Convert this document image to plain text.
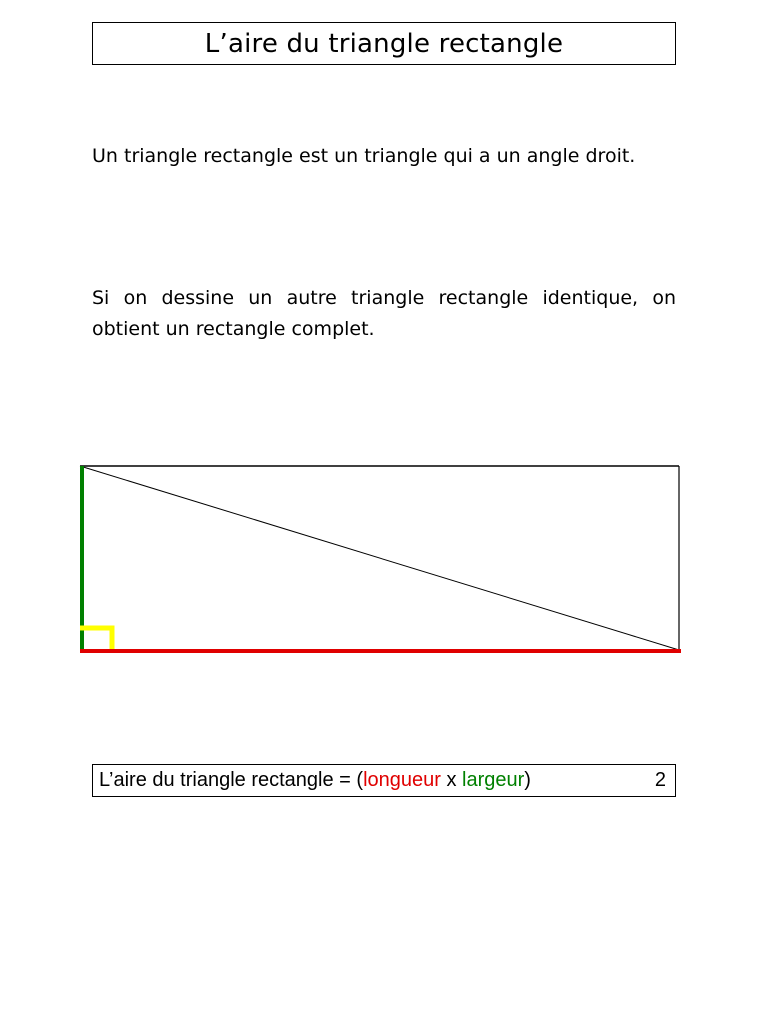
L’aire du triangle rectangle
Un triangle rectangle est un triangle qui a un angle droit.
Si on dessine un autre triangle rectangle identique, on obtient un rectangle complet.
L’aire du triangle rectangle = ( longueur x largeur )	2
